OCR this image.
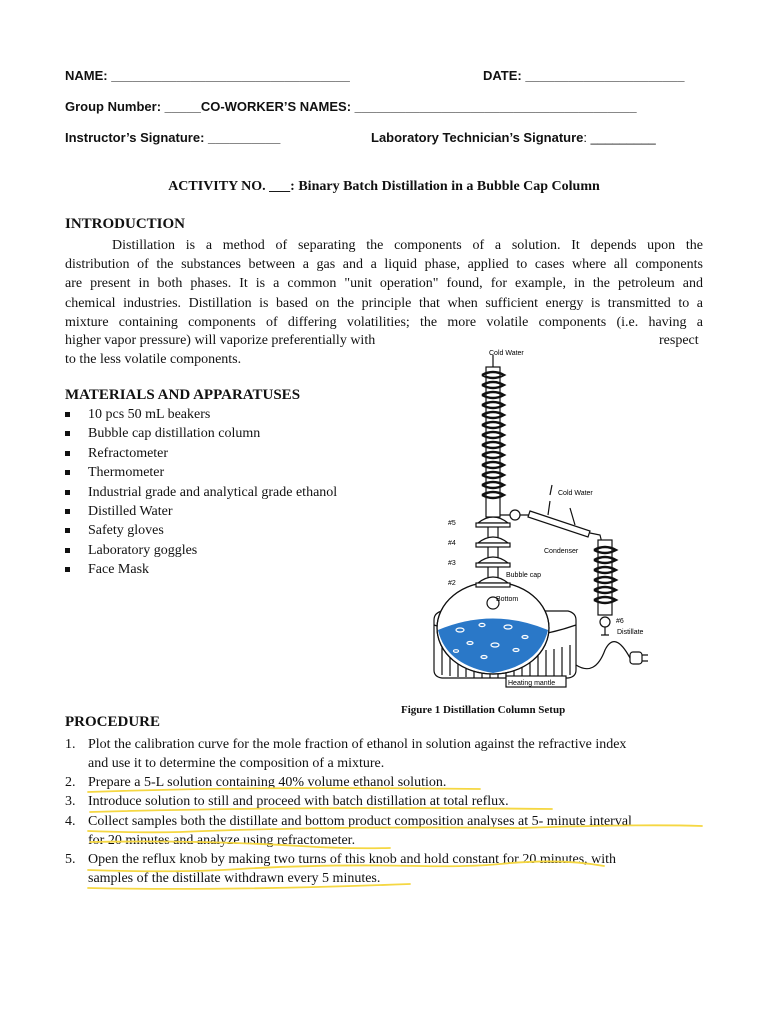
NAME: _________________________________	DATE: ______________________
Group Number: _____CO-WORKER’S NAMES: _______________________________________
Instructor’s Signature: __________	Laboratory Technician’s Signature: _________
ACTIVITY NO. ___: Binary Batch Distillation in a Bubble Cap Column
INTRODUCTION
Distillation is a method of separating the components of a solution. It depends upon the
distribution of the substances between a gas and a liquid phase, applied to cases where all components
are present in both phases. It is a common "unit operation" found, for example, in the petroleum and
chemical industries. Distillation is based on the principle that when sufficient energy is transmitted to a
mixture containing components of differing volatilities; the more volatile components (i.e. having a
higher vapor pressure) will vaporize preferentially with	respect
to the less volatile components.
MATERIALS AND APPARATUSES
10 pcs 50 mL beakers
Bubble cap distillation column
Refractometer
Thermometer
Industrial grade and analytical grade ethanol
Distilled Water
Safety gloves
Laboratory goggles
Face Mask
Cold Water
Cold Water
Condenser
Bubble cap
Bottom
Distillate
Heating mantle
#5
#4
#3
#2
#6
Figure 1 Distillation Column Setup
PROCEDURE
1. Plot the calibration curve for the mole fraction of ethanol in solution against the refractive index
and use it to determine the composition of a mixture.
2. Prepare a 5-L solution containing 40% volume ethanol solution.
3. Introduce solution to still and proceed with batch distillation at total reflux.
4. Collect samples both the distillate and bottom product composition analyses at 5- minute interval
for 20 minutes and analyze using refractometer.
5. Open the reflux knob by making two turns of this knob and hold constant for 20 minutes, with
samples of the distillate withdrawn every 5 minutes.
